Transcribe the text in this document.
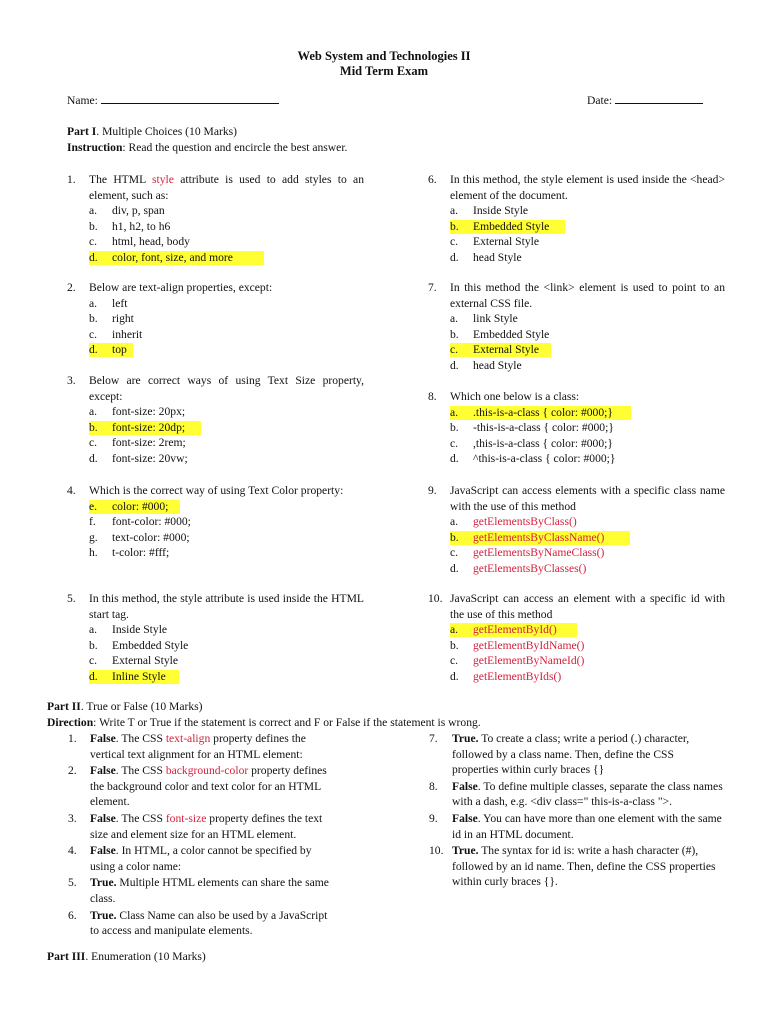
Web System and Technologies II
Mid Term Exam
Name:	Date:
Part I. Multiple Choices (10 Marks)
Instruction: Read the question and encircle the best answer.
1.	The HTML style attribute is used to add styles to an element, such as:
a. div, p, span
b. h1, h2, to h6
c. html, head, body
d. color, font, size, and more
2.	Below are text-align properties, except:
a. left
b. right
c. inherit
d. top
3.	Below are correct ways of using Text Size property, except:
a. font-size: 20px;
b. font-size: 20dp;
c. font-size: 2rem;
d. font-size: 20vw;
4.	Which is the correct way of using Text Color property:
e. color: #000;
f. font-color: #000;
g. text-color: #000;
h. t-color: #fff;
5.	In this method, the style attribute is used inside the HTML start tag.
a. Inside Style
b. Embedded Style
c. External Style
d. Inline Style
6.	In this method, the style element is used inside the <head> element of the document.
a. Inside Style
b. Embedded Style
c. External Style
d. head Style
7.	In this method the <link> element is used to point to an external CSS file.
a. link Style
b. Embedded Style
c. External Style
d. head Style
8.	Which one below is a class:
a. .this-is-a-class { color: #000;}
b. -this-is-a-class { color: #000;}
c. ,this-is-a-class { color: #000;}
d. ^this-is-a-class { color: #000;}
9.	JavaScript can access elements with a specific class name with the use of this method
a. getElementsByClass()
b. getElementsByClassName()
c. getElementsByNameClass()
d. getElementsByClasses()
10. JavaScript can access an element with a specific id with the use of this method
a. getElementById()
b. getElementByIdName()
c. getElementByNameId()
d. getElementByIds()
Part II. True or False (10 Marks)
Direction: Write T or True if the statement is correct and F or False if the statement is wrong.
1. False. The CSS text-align property defines the vertical text alignment for an HTML element:
2. False. The CSS background-color property defines the background color and text color for an HTML element.
3. False. The CSS font-size property defines the text size and element size for an HTML element.
4. False. In HTML, a color cannot be specified by using a color name:
5. True. Multiple HTML elements can share the same class.
6. True. Class Name can also be used by a JavaScript to access and manipulate elements.
7. True. To create a class; write a period (.) character, followed by a class name. Then, define the CSS properties within curly braces {}
8. False. To define multiple classes, separate the class names with a dash, e.g. <div class=" this-is-a-class ">.
9. False. You can have more than one element with the same id in an HTML document.
10. True. The syntax for id is: write a hash character (#), followed by an id name. Then, define the CSS properties within curly braces {}.
Part III. Enumeration (10 Marks)
